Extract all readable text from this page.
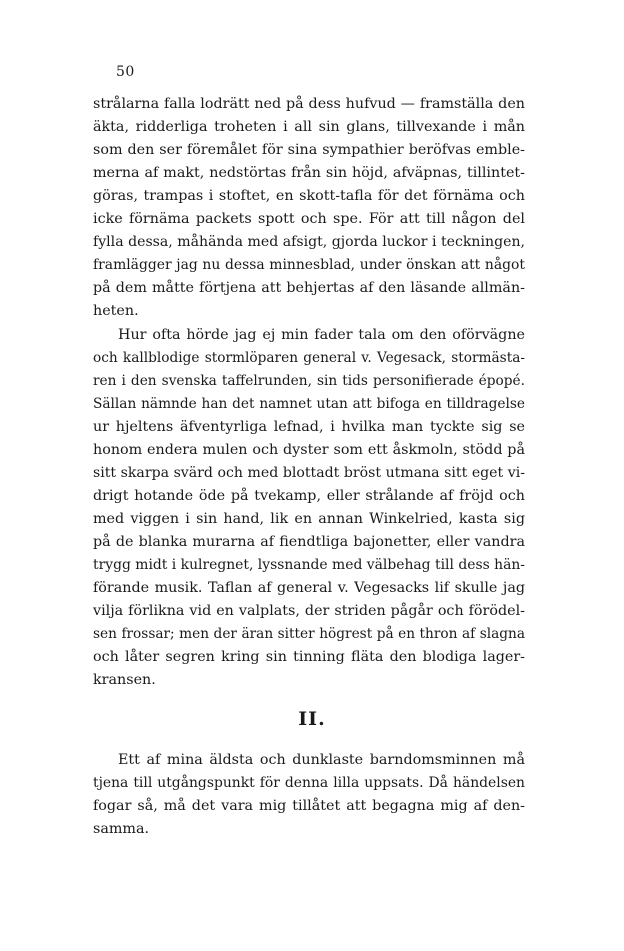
50
strålarna falla lodrätt ned på dess hufvud — framställa den
äkta, ridderliga troheten i all sin glans, tillvexande i mån
som den ser föremålet för sina sympathier beröfvas emble-
merna af makt, nedstörtas från sin höjd, afväpnas, tillintet-
göras, trampas i stoftet, en skott-tafla för det förnäma och
icke förnäma packets spott och spe. För att till någon del
fylla dessa, måhända med afsigt, gjorda luckor i teckningen,
framlägger jag nu dessa minnesblad, under önskan att något
på dem måtte förtjena att behjertas af den läsande allmän-
heten.
Hur ofta hörde jag ej min fader tala om den oförvägne
och kallblodige stormlöparen general v. Vegesack, stormästa-
ren i den svenska taffelrunden, sin tids personifierade épopé.
Sällan nämnde han det namnet utan att bifoga en tilldragelse
ur hjeltens äfventyrliga lefnad, i hvilka man tyckte sig se
honom endera mulen och dyster som ett åskmoln, stödd på
sitt skarpa svärd och med blottadt bröst utmana sitt eget vi-
drigt hotande öde på tvekamp, eller strålande af fröjd och
med viggen i sin hand, lik en annan Winkelried, kasta sig
på de blanka murarna af fiendtliga bajonetter, eller vandra
trygg midt i kulregnet, lyssnande med välbehag till dess hän-
förande musik. Taflan af general v. Vegesacks lif skulle jag
vilja förlikna vid en valplats, der striden pågår och förödel-
sen frossar; men der äran sitter högrest på en thron af slagna
och låter segren kring sin tinning fläta den blodiga lager-
kransen.
II.
Ett af mina äldsta och dunklaste barndomsminnen må
tjena till utgångspunkt för denna lilla uppsats. Då händelsen
fogar så, må det vara mig tillåtet att begagna mig af den-
samma.
